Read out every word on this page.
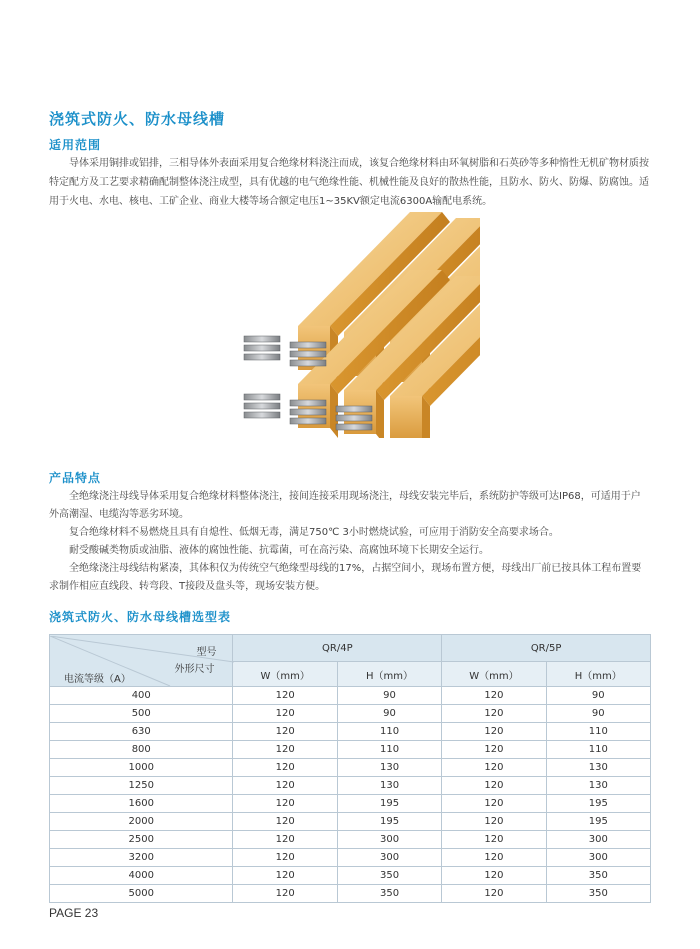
浇筑式防火、防水母线槽
适用范围
导体采用铜排或铝排，三相导体外表面采用复合绝缘材料浇注而成，该复合绝缘材料由环氧树脂和石英砂等多种惰性无机矿物材质按特定配方及工艺要求精确配制整体浇注成型，具有优越的电气绝缘性能、机械性能及良好的散热性能，且防水、防火、防爆、防腐蚀。适用于火电、水电、核电、工矿企业、商业大楼等场合额定电压1~35KV额定电流6300A输配电系统。
产品特点

全绝缘浇注母线导体采用复合绝缘材料整体浇注，接间连接采用现场浇注，母线安装完毕后，系统防护等级可达IP68，可适用于户外高潮湿、电缆沟等恶劣环境。

复合绝缘材料不易燃烧且具有自熄性、低烟无毒，满足750℃ 3小时燃烧试验，可应用于消防安全高要求场合。

耐受酸碱类物质或油脂、液体的腐蚀性能、抗霉菌，可在高污染、高腐蚀环境下长期安全运行。

全绝缘浇注母线结构紧凑，其体积仅为传统空气绝缘型母线的17%，占据空间小，现场布置方便，母线出厂前已按具体工程布置要求制作相应直线段、转弯段、T接段及盘头等，现场安装方便。

浇筑式防火、防水母线槽选型表
型号
外形尺寸
电流等级（A）	QR/4P		QR/5P	
	W（mm）	H（mm）	W（mm）	H（mm）
400	120	90	120	90
500	120	90	120	90
630	120	110	120	110
800	120	110	120	110
1000	120	130	120	130
1250	120	130	120	130
1600	120	195	120	195
2000	120	195	120	195
2500	120	300	120	300
3200	120	300	120	300
4000	120	350	120	350
5000	120	350	120	350
PAGE 23
